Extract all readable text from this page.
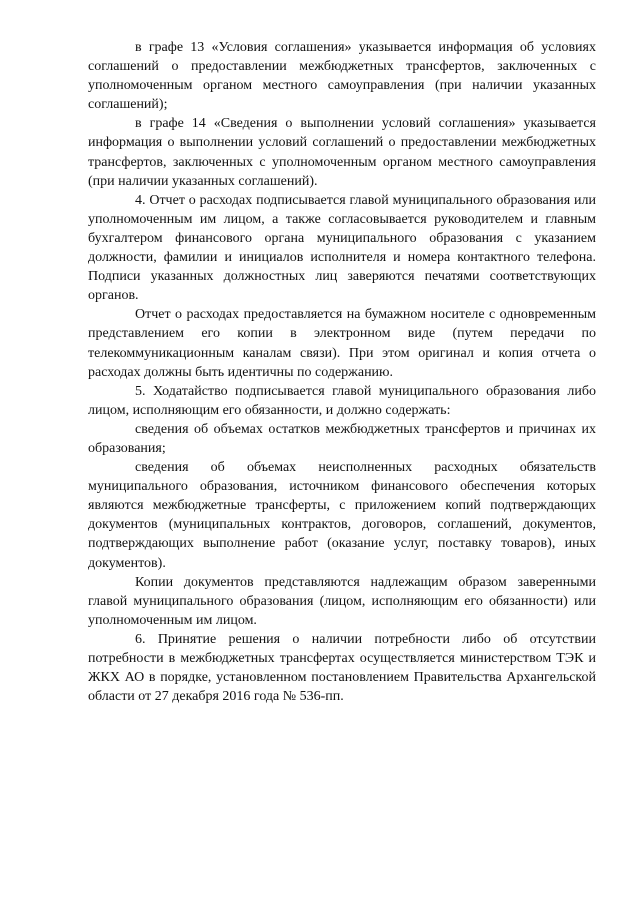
в графе 13 «Условия соглашения» указывается информация об условиях соглашений о предоставлении межбюджетных трансфертов, заключенных с уполномоченным органом местного самоуправления (при наличии указанных соглашений);

в графе 14 «Сведения о выполнении условий соглашения» указывается информация о выполнении условий соглашений о предоставлении межбюджетных трансфертов, заключенных с уполномоченным органом местного самоуправления (при наличии указанных соглашений).

4. Отчет о расходах подписывается главой муниципального образования или уполномоченным им лицом, а также согласовывается руководителем и главным бухгалтером финансового органа муниципального образования с указанием должности, фамилии и инициалов исполнителя и номера контактного телефона. Подписи указанных должностных лиц заверяются печатями соответствующих органов.

Отчет о расходах предоставляется на бумажном носителе с одновременным представлением его копии в электронном виде (путем передачи по телекоммуникационным каналам связи). При этом оригинал и копия отчета о расходах должны быть идентичны по содержанию.

5. Ходатайство подписывается главой муниципального образования либо лицом, исполняющим его обязанности, и должно содержать:

сведения об объемах остатков межбюджетных трансфертов и причинах их образования;

сведения об объемах неисполненных расходных обязательств муниципального образования, источником финансового обеспечения которых являются межбюджетные трансферты, с приложением копий подтверждающих документов (муниципальных контрактов, договоров, соглашений, документов, подтверждающих выполнение работ (оказание услуг, поставку товаров), иных документов).

Копии документов представляются надлежащим образом заверенными главой муниципального образования (лицом, исполняющим его обязанности) или уполномоченным им лицом.

6. Принятие решения о наличии потребности либо об отсутствии потребности в межбюджетных трансфертах осуществляется министерством ТЭК и ЖКХ АО в порядке, установленном постановлением Правительства Архангельской области от 27 декабря 2016 года № 536-пп.
